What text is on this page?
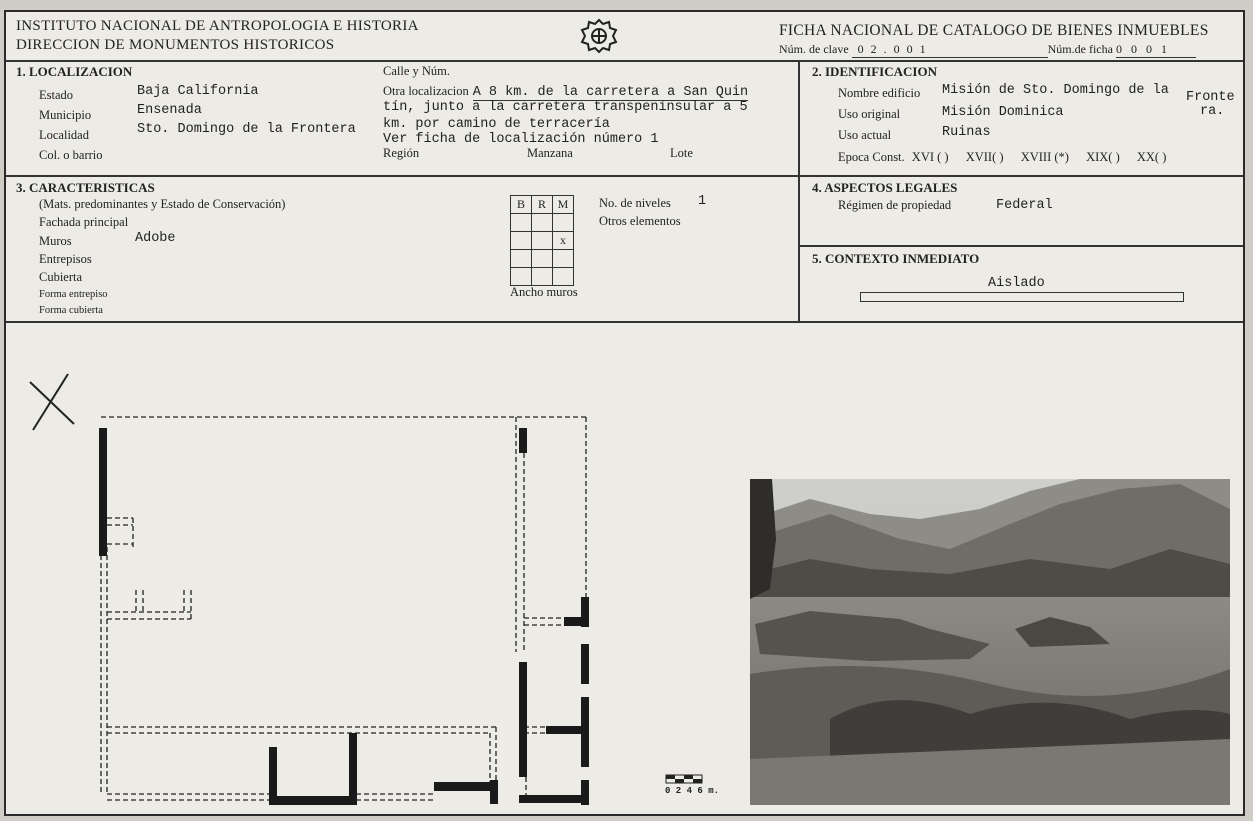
INSTITUTO NACIONAL DE ANTROPOLOGIA E HISTORIA
DIRECCION DE MONUMENTOS HISTORICOS
FICHA NACIONAL DE CATALOGO DE BIENES INMUEBLES
Núm. de clave 0 2 . 0 0 1	Núm.de ficha 0 0 0 1
1. LOCALIZACION
Estado	Baja California
Municipio	Ensenada
Localidad	Sto. Domingo de la Frontera
Col. o barrio
Calle y Núm.
Otra localizacion A 8 km. de la carretera a San Quin
tín, junto a la carretera transpeninsular a 5
km. por camino de terracería
Ver ficha de localización número 1
Región	Manzana	Lote
2. IDENTIFICACION
Nombre edificio Misión de Sto. Domingo de la Fronte
ra.
Uso original	Misión Dominica
Uso actual	Ruinas
Epoca Const. XVI ( ) XVII( ) XVIII (*) XIX( ) XX( )
3. CARACTERISTICAS
(Mats. predominantes y Estado de Conservación)
Fachada principal
Muros	Adobe
Entrepisos
Cubierta
Forma entrepiso
Forma cubierta
B	R	M

		x

Ancho muros
No. de niveles 1
Otros elementos
4. ASPECTOS LEGALES
Régimen de propiedad	Federal
5. CONTEXTO INMEDIATO
Aislado
0 2 4 6 m.
